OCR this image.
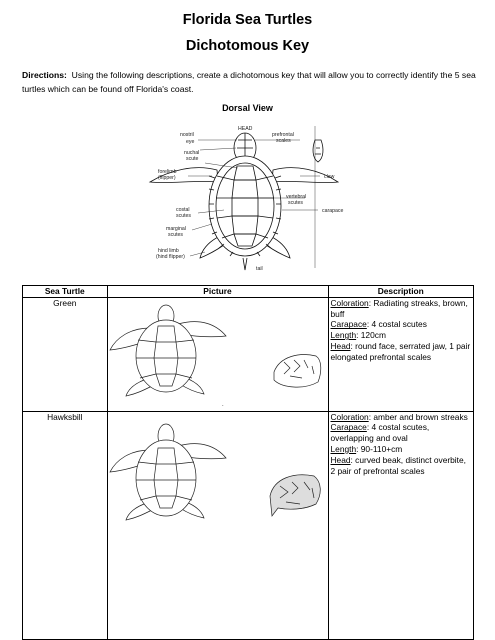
Florida Sea Turtles
Dichotomous Key
Directions: Using the following descriptions, create a dichotomous key that will allow you to correctly identify the 5 sea turtles which can be found off Florida's coast.
Dorsal View
HEAD
nostril
eye
nuchal
scute
forelimb
(flipper)
costal
scutes
marginal
scutes
hind limb
(hind flipper)
prefrontal
scales
claw
vertebral
scutes
carapace
tail
Sea Turtle	Picture	Description
Green	.	Coloration: Radiating streaks, brown, buff
Carapace: 4 costal scutes
Length: 120cm
Head: round face, serrated jaw, 1 pair elongated prefrontal scales

Hawksbill		Coloration: amber and brown streaks
Carapace: 4 costal scutes, overlapping and oval
Length: 90-110+cm
Head: curved beak, distinct overbite, 2 pair of prefrontal scales
